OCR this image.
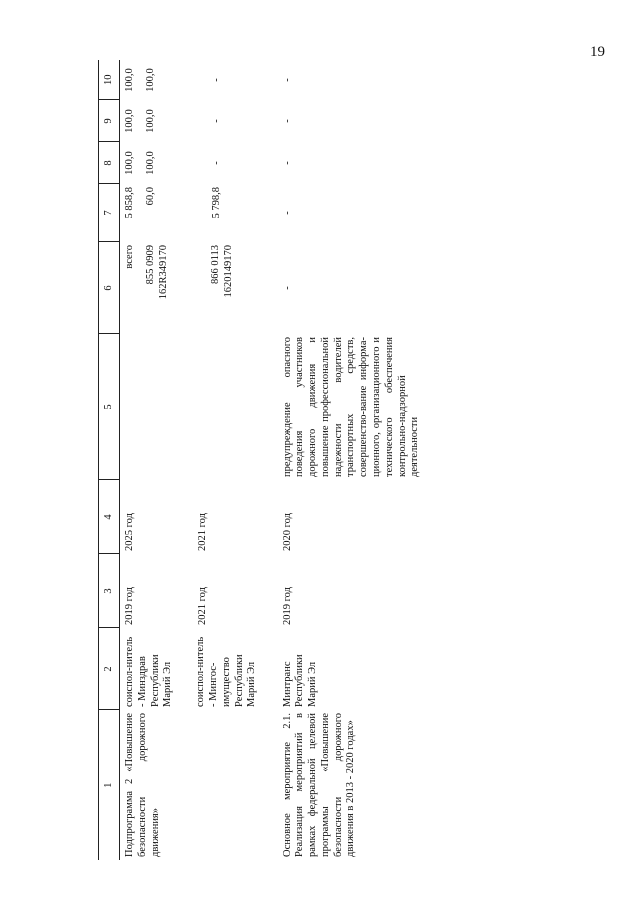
19
1	2	3	4	5	6	7	8	9	10
Подпрограмма 2 «Повышение безопасности дорожного движения»	соиспол-нитель - Минздрав Республики Марий Эл соиспол-нитель - Мингос-имущество Республики Марий Эл	2019 год 2021 год	2025 год 2021 год		всего 855 0909 162R349170 866 0113 1620149170	5 858,8 60,0 5 798,8	100,0 100,0 -	100,0 100,0 -	100,0 100,0 -

Основное мероприятие 2.1. Реализация мероприятий в рамках федеральной целевой программы «Повышение безопасности дорожного движения в 2013 - 2020 годах»	Минтранс Республики Марий Эл	2019 год	2020 год	предупреждение опасного поведения участников дорожного движения и повышение профессиональной надежности водителей транспортных средств, совершенство-вание информа-ционного, организационного и технического обеспечения контрольно-надзорной деятельности	-	-	-	-	-
